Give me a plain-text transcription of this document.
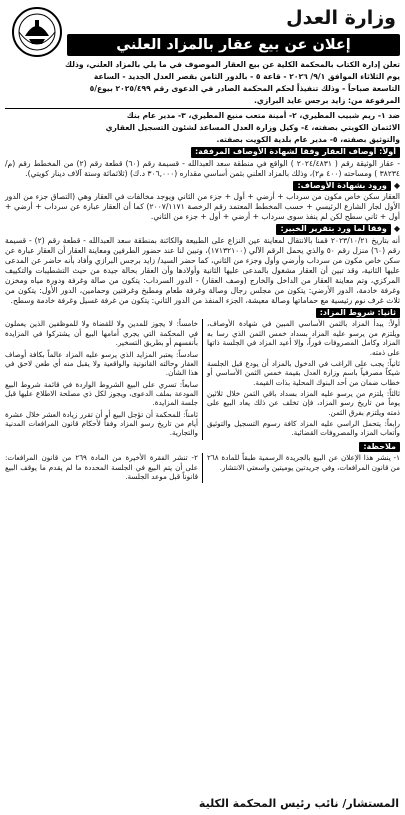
وزارة العدل
إعلان عن بيع عقار بالمزاد العلني

تعلن إدارة الكتاب بالمحكمة الكلية عن بيع العقار الموصوف في ما يلي بالمزاد العلني، وذلك

يوم الثلاثاء الموافق ٩/١/ ٢٠٢٦ - قاعة ٥ - بالدور الثامن بقصر العدل الجديد - الساعة

التاسعة صباحاً - وذلك تنفيذاً لحكم المحكمة الصادر في الدعوى رقم ٢٠٢٥/٤٩٩ بيوع/٥

المرفوعة من: زايد برجس عايد البرازي.

ضد ١- ريم شبيب المطيري، ٢- أمينة متعب منيع المطيري، ٣- مدير عام بنك

الائتمان الكويتي بصفته، ٤- وكيل وزارة العدل المساعد لشئون التسجيل العقاري

والتوثيق بصفته، ٥- مدير عام بلدية الكويت بصفته.

أولاً: أوصاف العقار وفقاً لشهادة الأوصاف المرفقة:

- عقار الوثيقة رقم ( ٢٠٢٤/٤٨٣١ ) الواقع في منطقة سعد العبدالله - قسيمة رقم (٦٠) قطعة رقم (٢) من المخطط رقم (م/ ٣٨٢٣٤ ) ومساحته (٤٠٠ م٢)، وذلك بالمزاد العلني بثمن أساسي مقداره (٣٠٦,٠٠٠ د.ك) (ثلاثمائة وستة آلاف دينار كويتي).

◆
ورود بشهادة الأوصاف:

العقار سكن خاص مكون من سرداب + أرضي + أول + جزء من الثاني ويوجد مخالفات في العقار وهي (التصاق جزء من الدور الأول لجار الشارع الرئيسي + حسب المخطط المعتمد رقم الرخصة ٢٠٠٧/١١٧١) كما أن العقار عبارة عن سرداب + أرضي + أول + ثاني سطح لكن لم ينفذ سوى سرداب + أرضي + أول + جزء من الثاني.

◆
وفقاً لما ورد بتقرير الخبير:

أنه بتاريخ ٢٠٢٣/١٠/٢١ قمنا بالانتقال لمعاينة عين النزاع على الطبيعة والكائنة بمنطقة سعد العبدالله - قطعة رقم (٢) - قسيمة رقم (٦٠) منزل رقم ٥٠ والذي يحمل الرقم الآلي (١٧١٣٢١٠٠)، وتبين لنا عند حضور الطرفين ومعاينة العقار أن العقار عبارة عن سكن خاص مكون من سرداب وأرضي وأول وجزء من الثاني، كما حضر السيد/ زايد برجس البرازي وأفاد بأنه حاضر عن المدعى عليها الثانية، وقد تبين أن العقار مشغول بالمدعى عليها الثانية وأولادها وأن العقار بحالة جيدة من حيث التشطيبات والتكييف المركزي، وتم معاينة العقار من الداخل والخارج (وصف العقار) - الدور السرداب: يتكون من صالة وغرفة ودورة مياه ومخزن وغرفة خادمة، الدور الأرضي: يتكون من مجلس رجال وصالة وغرفة طعام ومطبخ وغرفتين وحمامين، الدور الأول: يتكون من ثلاث غرف نوم رئيسية مع حماماتها وصالة معيشة، الجزء المنفذ من الدور الثاني: يتكون من غرفة غسيل وغرفة خادمة وسطح.

ثانياً: شروط المزاد:

أولاً: يبدأ المزاد بالثمن الأساسي المبين في شهادة الأوصاف، ويلتزم من يرسو عليه المزاد بسداد خمس الثمن الذي رسا به المزاد وكامل المصروفات فوراً، وإلا أعيد المزاد في الجلسة ذاتها على ذمته.

ثانياً: يجب على الراغب في الدخول بالمزاد أن يودع قبل الجلسة شيكاً مصرفياً باسم وزارة العدل بقيمة خمس الثمن الأساسي أو خطاب ضمان من أحد البنوك المحلية بذات القيمة.

ثالثاً: يلتزم من يرسو عليه المزاد بسداد باقي الثمن خلال ثلاثين يوماً من تاريخ رسو المزاد، فإن تخلف عن ذلك يعاد البيع على ذمته ويلتزم بفرق الثمن.

رابعاً: يتحمل الراسي عليه المزاد كافة رسوم التسجيل والتوثيق وأتعاب المزاد والمصروفات القضائية.

خامساً: لا يجوز للمدين ولا للقضاة ولا للموظفين الذين يعملون في المحكمة التي يجري أمامها البيع أن يشتركوا في المزايدة بأنفسهم أو بطريق التسخير.

سادساً: يعتبر المزايد الذي يرسو عليه المزاد عالماً بكافة أوصاف العقار وحالته القانونية والواقعية ولا يقبل منه أي طعن لاحق في هذا الشأن.

سابعاً: تسري على البيع الشروط الواردة في قائمة شروط البيع المودعة بملف الدعوى، ويجوز لكل ذي مصلحة الاطلاع عليها قبل جلسة المزايدة.

ثامناً: للمحكمة أن تؤجل البيع أو أن تقرر زيادة العشر خلال عشرة أيام من تاريخ رسو المزاد وفقاً لأحكام قانون المرافعات المدنية والتجارية.

ملاحظة:

١- ينشر هذا الإعلان عن البيع بالجريدة الرسمية طبقاً للمادة ٢٦٨ من قانون المرافعات، وفي جريدتين يوميتين واسعتي الانتشار.

٢- تنشر الفقرة الأخيرة من المادة ٢٦٩ من قانون المرافعات: على أن يتم البيع في الجلسة المحددة ما لم يقدم ما يوقف البيع قانوناً قبل موعد الجلسة.

المستشار/ نائب رئيس المحكمة الكلية
